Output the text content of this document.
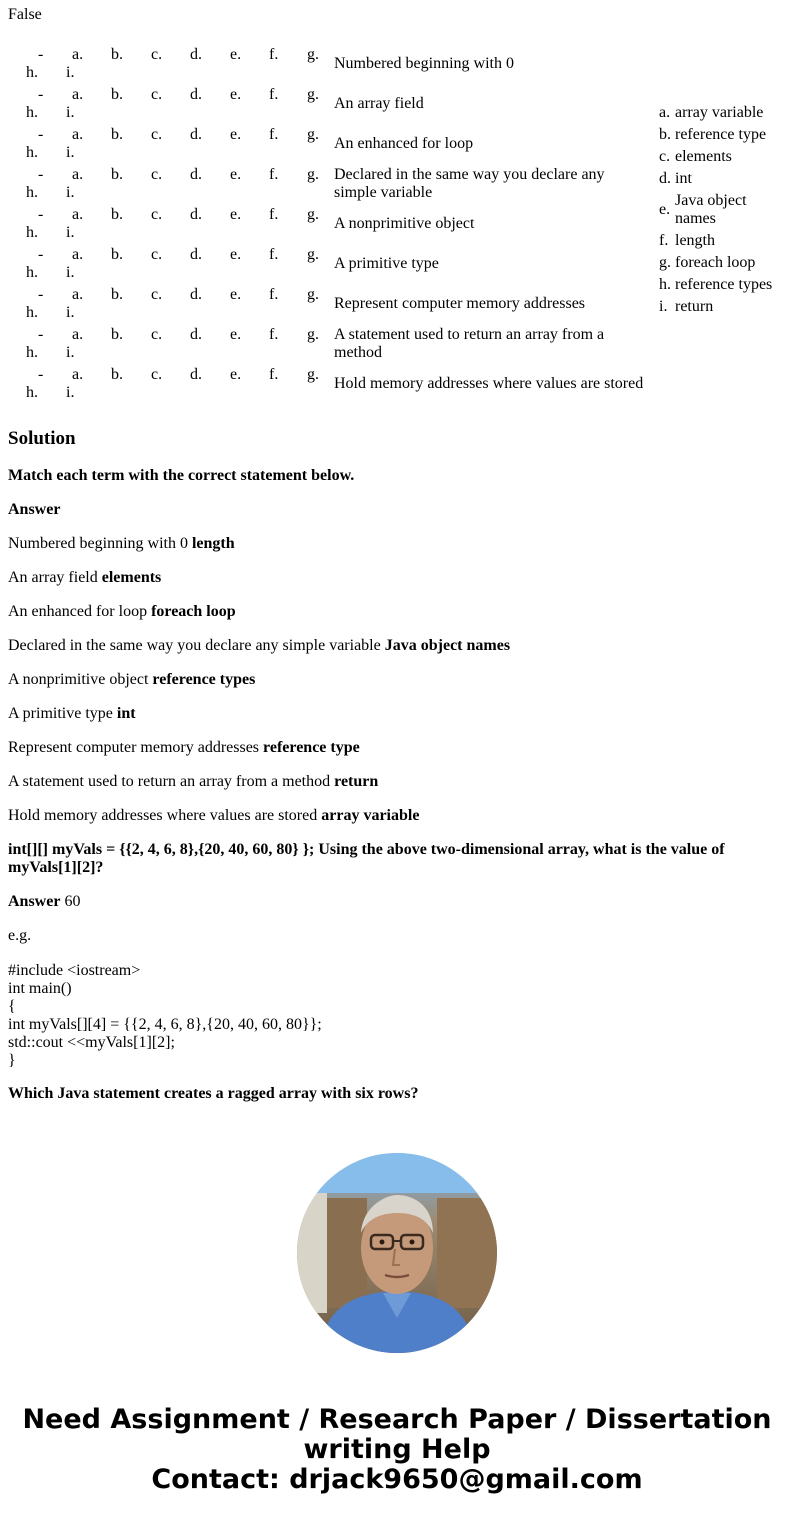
False

- a. b. c. d. e. f. g.
h. i.
Numbered beginning with 0
- a. b. c. d. e. f. g.
h. i.
An array field
- a. b. c. d. e. f. g.
h. i.
An enhanced for loop
- a. b. c. d. e. f. g.
h. i.
Declared in the same way you declare any simple variable
- a. b. c. d. e. f. g.
h. i.
A nonprimitive object
- a. b. c. d. e. f. g.
h. i.
A primitive type
- a. b. c. d. e. f. g.
h. i.
Represent computer memory addresses
- a. b. c. d. e. f. g.
h. i.
A statement used to return an array from a method
- a. b. c. d. e. f. g.
h. i.
Hold memory addresses where values are stored
a. array variable
b. reference type
c. elements
d. int
e.
Java object names
f. length
g. foreach loop
h. reference types
i. return
Solution

Match each term with the correct statement below.

Answer

int[][] myVals = {{2, 4, 6, 8},{20, 40, 60, 80} }; Using the above two-dimensional array, what is the value of myVals[1][2]?

Answer 60

e.g.

#include <iostream>
int main()
{
int myVals[][4] = {{2, 4, 6, 8},{20, 40, 60, 80}};
std::cout <<myVals[1][2];
}

Which Java statement creates a ragged array with six rows?

Need Assignment / Research Paper / Dissertation
writing Help
Contact: drjack9650@gmail.com

Numbered beginning with 0 length

An array field elements

An enhanced for loop foreach loop

Declared in the same way you declare any simple variable Java object names

A nonprimitive object reference types

A primitive type int

Represent computer memory addresses reference type

A statement used to return an array from a method return

Hold memory addresses where values are stored array variable
